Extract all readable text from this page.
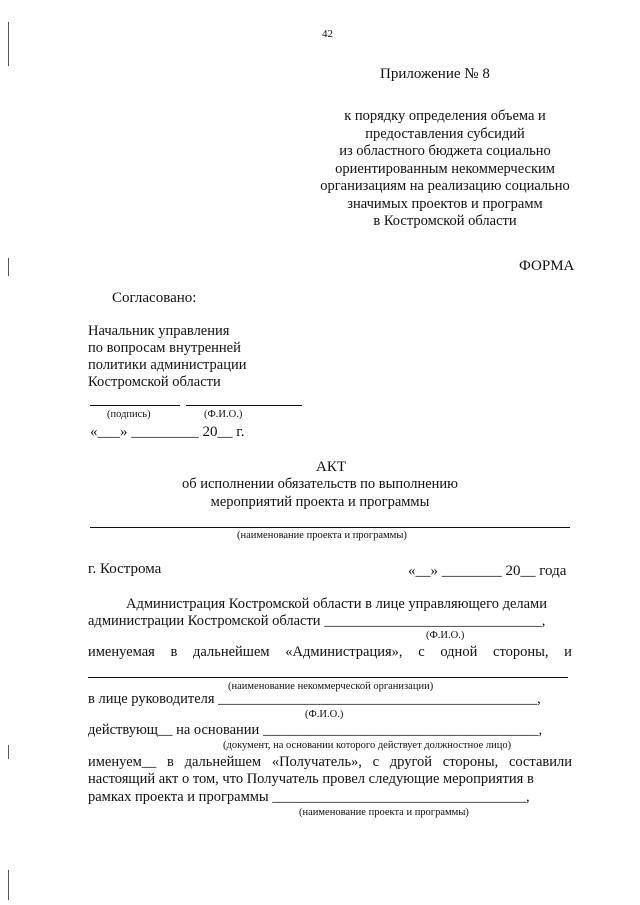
42
Приложение № 8
к порядку определения объема и
предоставления субсидий
из областного бюджета социально
ориентированным некоммерческим
организациям на реализацию социально
значимых проектов и программ
в Костромской области
ФОРМА
Согласовано:
Начальник управления
по вопросам внутренней
политики администрации
Костромской области
(подпись)	(Ф.И.О.)
«___» _________ 20__ г.
АКТ
об исполнении обязательств по выполнению
мероприятий проекта и программы
(наименование проекта и программы)
г. Кострома	«__» ________ 20__ года
Администрация Костромской области в лице управляющего делами
администрации Костромской области ______________________________,
(Ф.И.О.)
именуемая в дальнейшем «Администрация», с одной стороны, и
(наименование некоммерческой организации)
в лице руководителя ____________________________________________,
(Ф.И.О.)
действующ__ на основании ______________________________________,
(документ, на основании которого действует должностное лицо)
именуем__ в дальнейшем «Получатель», с другой стороны, составили
настоящий акт о том, что Получатель провел следующие мероприятия в
рамках проекта и программы ___________________________________,
(наименование проекта и программы)
